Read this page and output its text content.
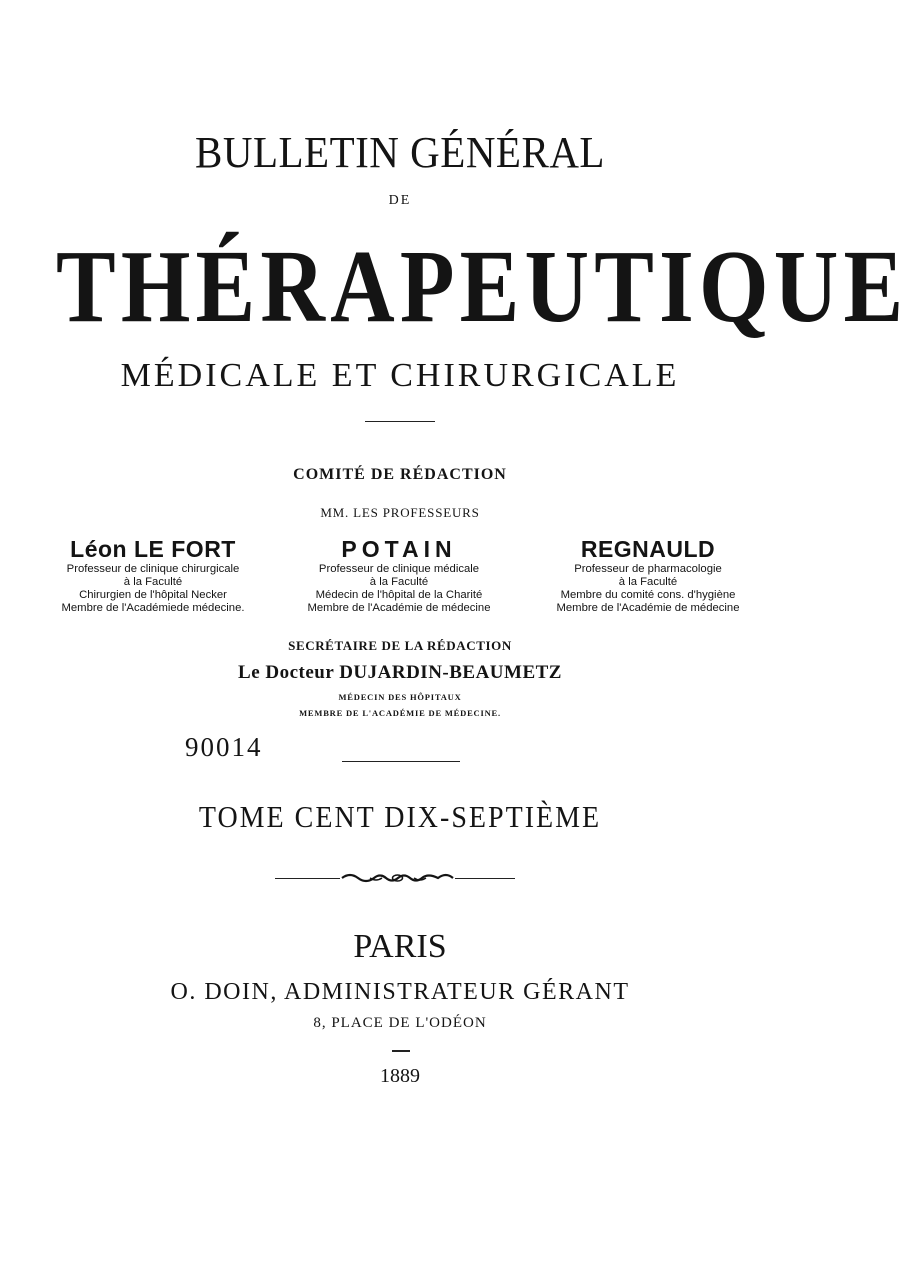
BULLETIN GÉNÉRAL
DE
THÉRAPEUTIQUE
MÉDICALE ET CHIRURGICALE
COMITÉ DE RÉDACTION
MM. LES PROFESSEURS
Léon LE FORT
Professeur de clinique chirurgicale
à la Faculté
Chirurgien de l'hôpital Necker
Membre de l'Académiede médecine.
POTAIN
Professeur de clinique médicale
à la Faculté
Médecin de l'hôpital de la Charité
Membre de l'Académie de médecine
REGNAULD
Professeur de pharmacologie
à la Faculté
Membre du comité cons. d'hygiène
Membre de l'Académie de médecine
SECRÉTAIRE DE LA RÉDACTION
Le Docteur DUJARDIN-BEAUMETZ
MÉDECIN DES HÔPITAUX
MEMBRE DE L'ACADÉMIE DE MÉDECINE.
90014
TOME CENT DIX-SEPTIÈME
PARIS
O. DOIN, ADMINISTRATEUR GÉRANT
8, PLACE DE L'ODÉON
1889
